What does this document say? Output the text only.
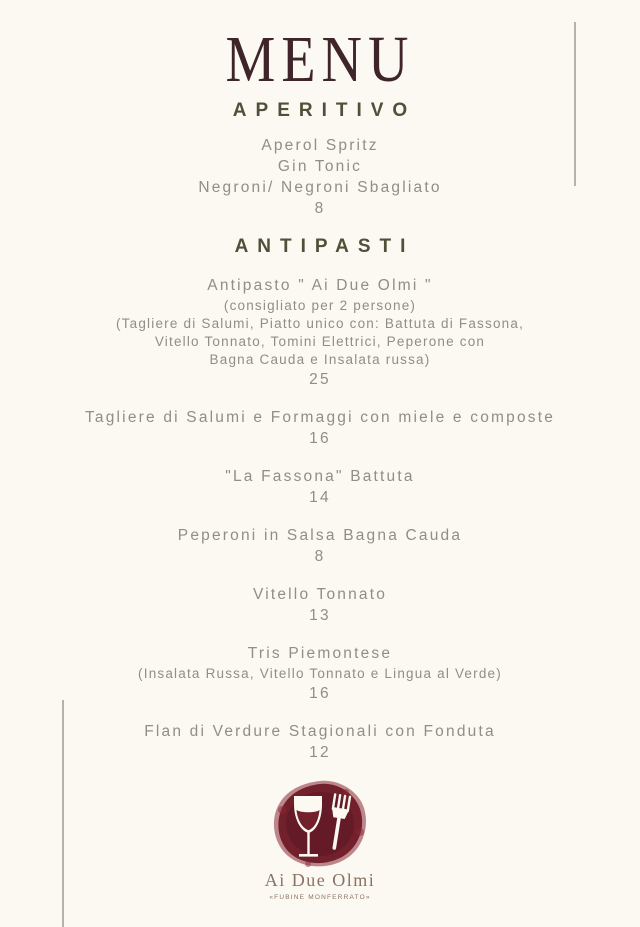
MENU
APERITIVO
Aperol Spritz
Gin Tonic
Negroni/ Negroni Sbagliato
8
ANTIPASTI
Antipasto " Ai Due Olmi "
(consigliato per 2 persone)
(Tagliere di Salumi, Piatto unico con: Battuta di Fassona,
Vitello Tonnato, Tomini Elettrici, Peperone con
Bagna Cauda e Insalata russa)
25
Tagliere di Salumi e Formaggi con miele e composte
16
"La Fassona" Battuta
14
Peperoni in Salsa Bagna Cauda
8
Vitello Tonnato
13
Tris Piemontese
(Insalata Russa, Vitello Tonnato e Lingua al Verde)
16
Flan di Verdure Stagionali con Fonduta
12
Ai Due Olmi
«FUBINE MONFERRATO»
